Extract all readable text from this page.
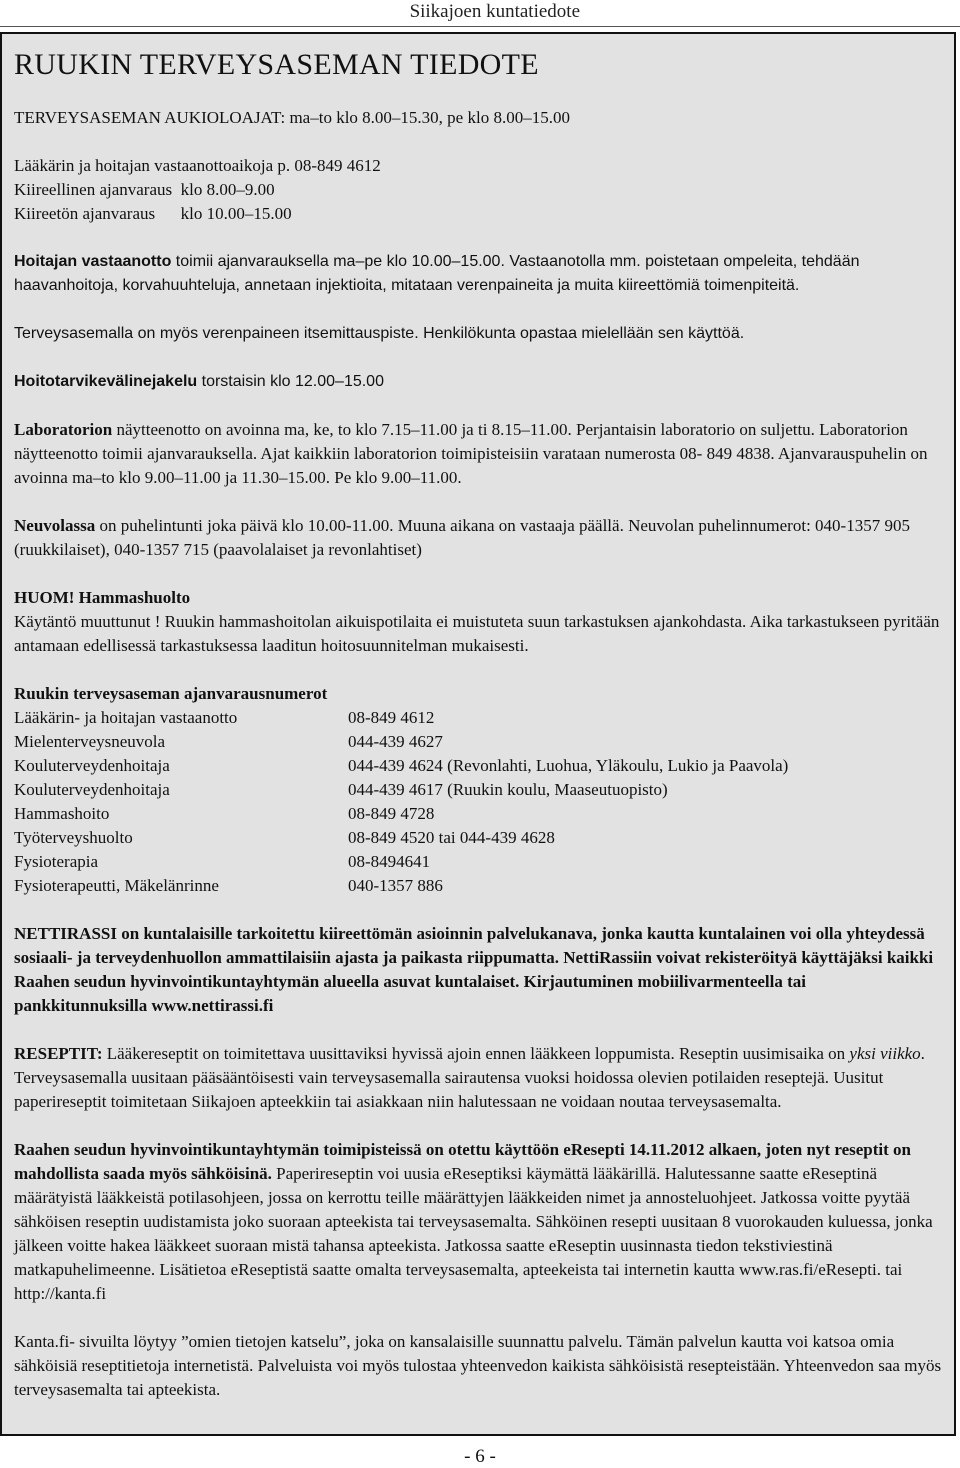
Siikajoen kuntatiedote
RUUKIN TERVEYSASEMAN TIEDOTE

TERVEYSASEMAN AUKIOLOAJAT: ma–to klo 8.00–15.30, pe klo 8.00–15.00

Lääkärin ja hoitajan vastaanottoaikoja p. 08-849 4612

Kiireellinen ajanvaraus  klo 8.00–9.00

Kiireetön ajanvaraus      klo 10.00–15.00

Hoitajan vastaanotto toimii ajanvarauksella ma–pe klo 10.00–15.00. Vastaanotolla mm. poistetaan ompeleita, tehdään haavanhoitoja, korvahuuhteluja, annetaan injektioita, mitataan verenpaineita ja muita kiireettömiä toimenpiteitä.

Terveysasemalla on myös verenpaineen itsemittauspiste. Henkilökunta opastaa mielellään sen käyttöä.

Hoitotarvikevälinejakelu torstaisin klo 12.00–15.00

Laboratorion näytteenotto on avoinna ma, ke, to klo 7.15–11.00 ja ti 8.15–11.00. Perjantaisin laboratorio on suljettu. Laboratorion näytteenotto toimii ajanvarauksella. Ajat kaikkiin laboratorion toimipisteisiin varataan numerosta 08- 849 4838. Ajanvarauspuhelin on avoinna ma–to klo 9.00–11.00 ja 11.30–15.00. Pe klo 9.00–11.00.

Neuvolassa on puhelintunti joka päivä klo 10.00-11.00. Muuna aikana on vastaaja päällä. Neuvolan puhelinnumerot: 040-1357 905 (ruukkilaiset), 040-1357 715 (paavolalaiset ja revonlahtiset)

HUOM! Hammashuolto

Käytäntö muuttunut ! Ruukin hammashoitolan aikuispotilaita ei muistuteta suun tarkastuksen ajankohdasta. Aika tarkastukseen pyritään antamaan edellisessä tarkastuksessa laaditun hoitosuunnitelman mukaisesti.

Ruukin terveysaseman ajanvarausnumerot

Lääkärin- ja hoitajan vastaanotto	08-849 4612
Mielenterveysneuvola	044-439 4627
Kouluterveydenhoitaja	044-439 4624 (Revonlahti, Luohua, Yläkoulu, Lukio ja Paavola)
Kouluterveydenhoitaja	044-439 4617 (Ruukin koulu, Maaseutuopisto)
Hammashoito	08-849 4728
Työterveyshuolto	08-849 4520 tai 044-439 4628
Fysioterapia	08-8494641
Fysioterapeutti, Mäkelänrinne	040-1357 886

NETTIRASSI on kuntalaisille tarkoitettu kiireettömän asioinnin palvelukanava, jonka kautta kuntalainen voi olla yhteydessä sosiaali- ja terveydenhuollon ammattilaisiin ajasta ja paikasta riippumatta. NettiRassiin voivat rekisteröityä käyttäjäksi kaikki Raahen seudun hyvinvointikuntayhtymän alueella asuvat kuntalaiset. Kirjautuminen mobiilivarmenteella tai pankkitunnuksilla www.nettirassi.fi

RESEPTIT: Lääkereseptit on toimitettava uusittaviksi hyvissä ajoin ennen lääkkeen loppumista. Reseptin uusimisaika on yksi viikko. Terveysasemalla uusitaan pääsääntöisesti vain terveysasemalla sairautensa vuoksi hoidossa olevien potilaiden reseptejä. Uusitut paperireseptit toimitetaan Siikajoen apteekkiin tai asiakkaan niin halutessaan ne voidaan noutaa terveysasemalta.

Raahen seudun hyvinvointikuntayhtymän toimipisteissä on otettu käyttöön eResepti 14.11.2012 alkaen, joten nyt reseptit on mahdollista saada myös sähköisinä. Paperireseptin voi uusia eReseptiksi käymättä lääkärillä. Halutessanne saatte eReseptinä määrätyistä lääkkeistä potilasohjeen, jossa on kerrottu teille määrättyjen lääkkeiden nimet ja annosteluohjeet. Jatkossa voitte pyytää sähköisen reseptin uudistamista joko suoraan apteekista tai terveysasemalta. Sähköinen resepti uusitaan 8 vuorokauden kuluessa, jonka jälkeen voitte hakea lääkkeet suoraan mistä tahansa apteekista. Jatkossa saatte eReseptin uusinnasta tiedon tekstiviestinä matkapuhelimeenne. Lisätietoa eReseptistä saatte omalta terveysasemalta, apteekeista tai internetin kautta www.ras.fi/eResepti. tai http://kanta.fi

Kanta.fi- sivuilta löytyy ”omien tietojen katselu”, joka on kansalaisille suunnattu palvelu. Tämän palvelun kautta voi katsoa omia sähköisiä reseptitietoja internetistä. Palveluista voi myös tulostaa yhteenvedon kaikista sähköisistä resepteistään. Yhteenvedon saa myös terveysasemalta tai apteekista.

- 6 -
